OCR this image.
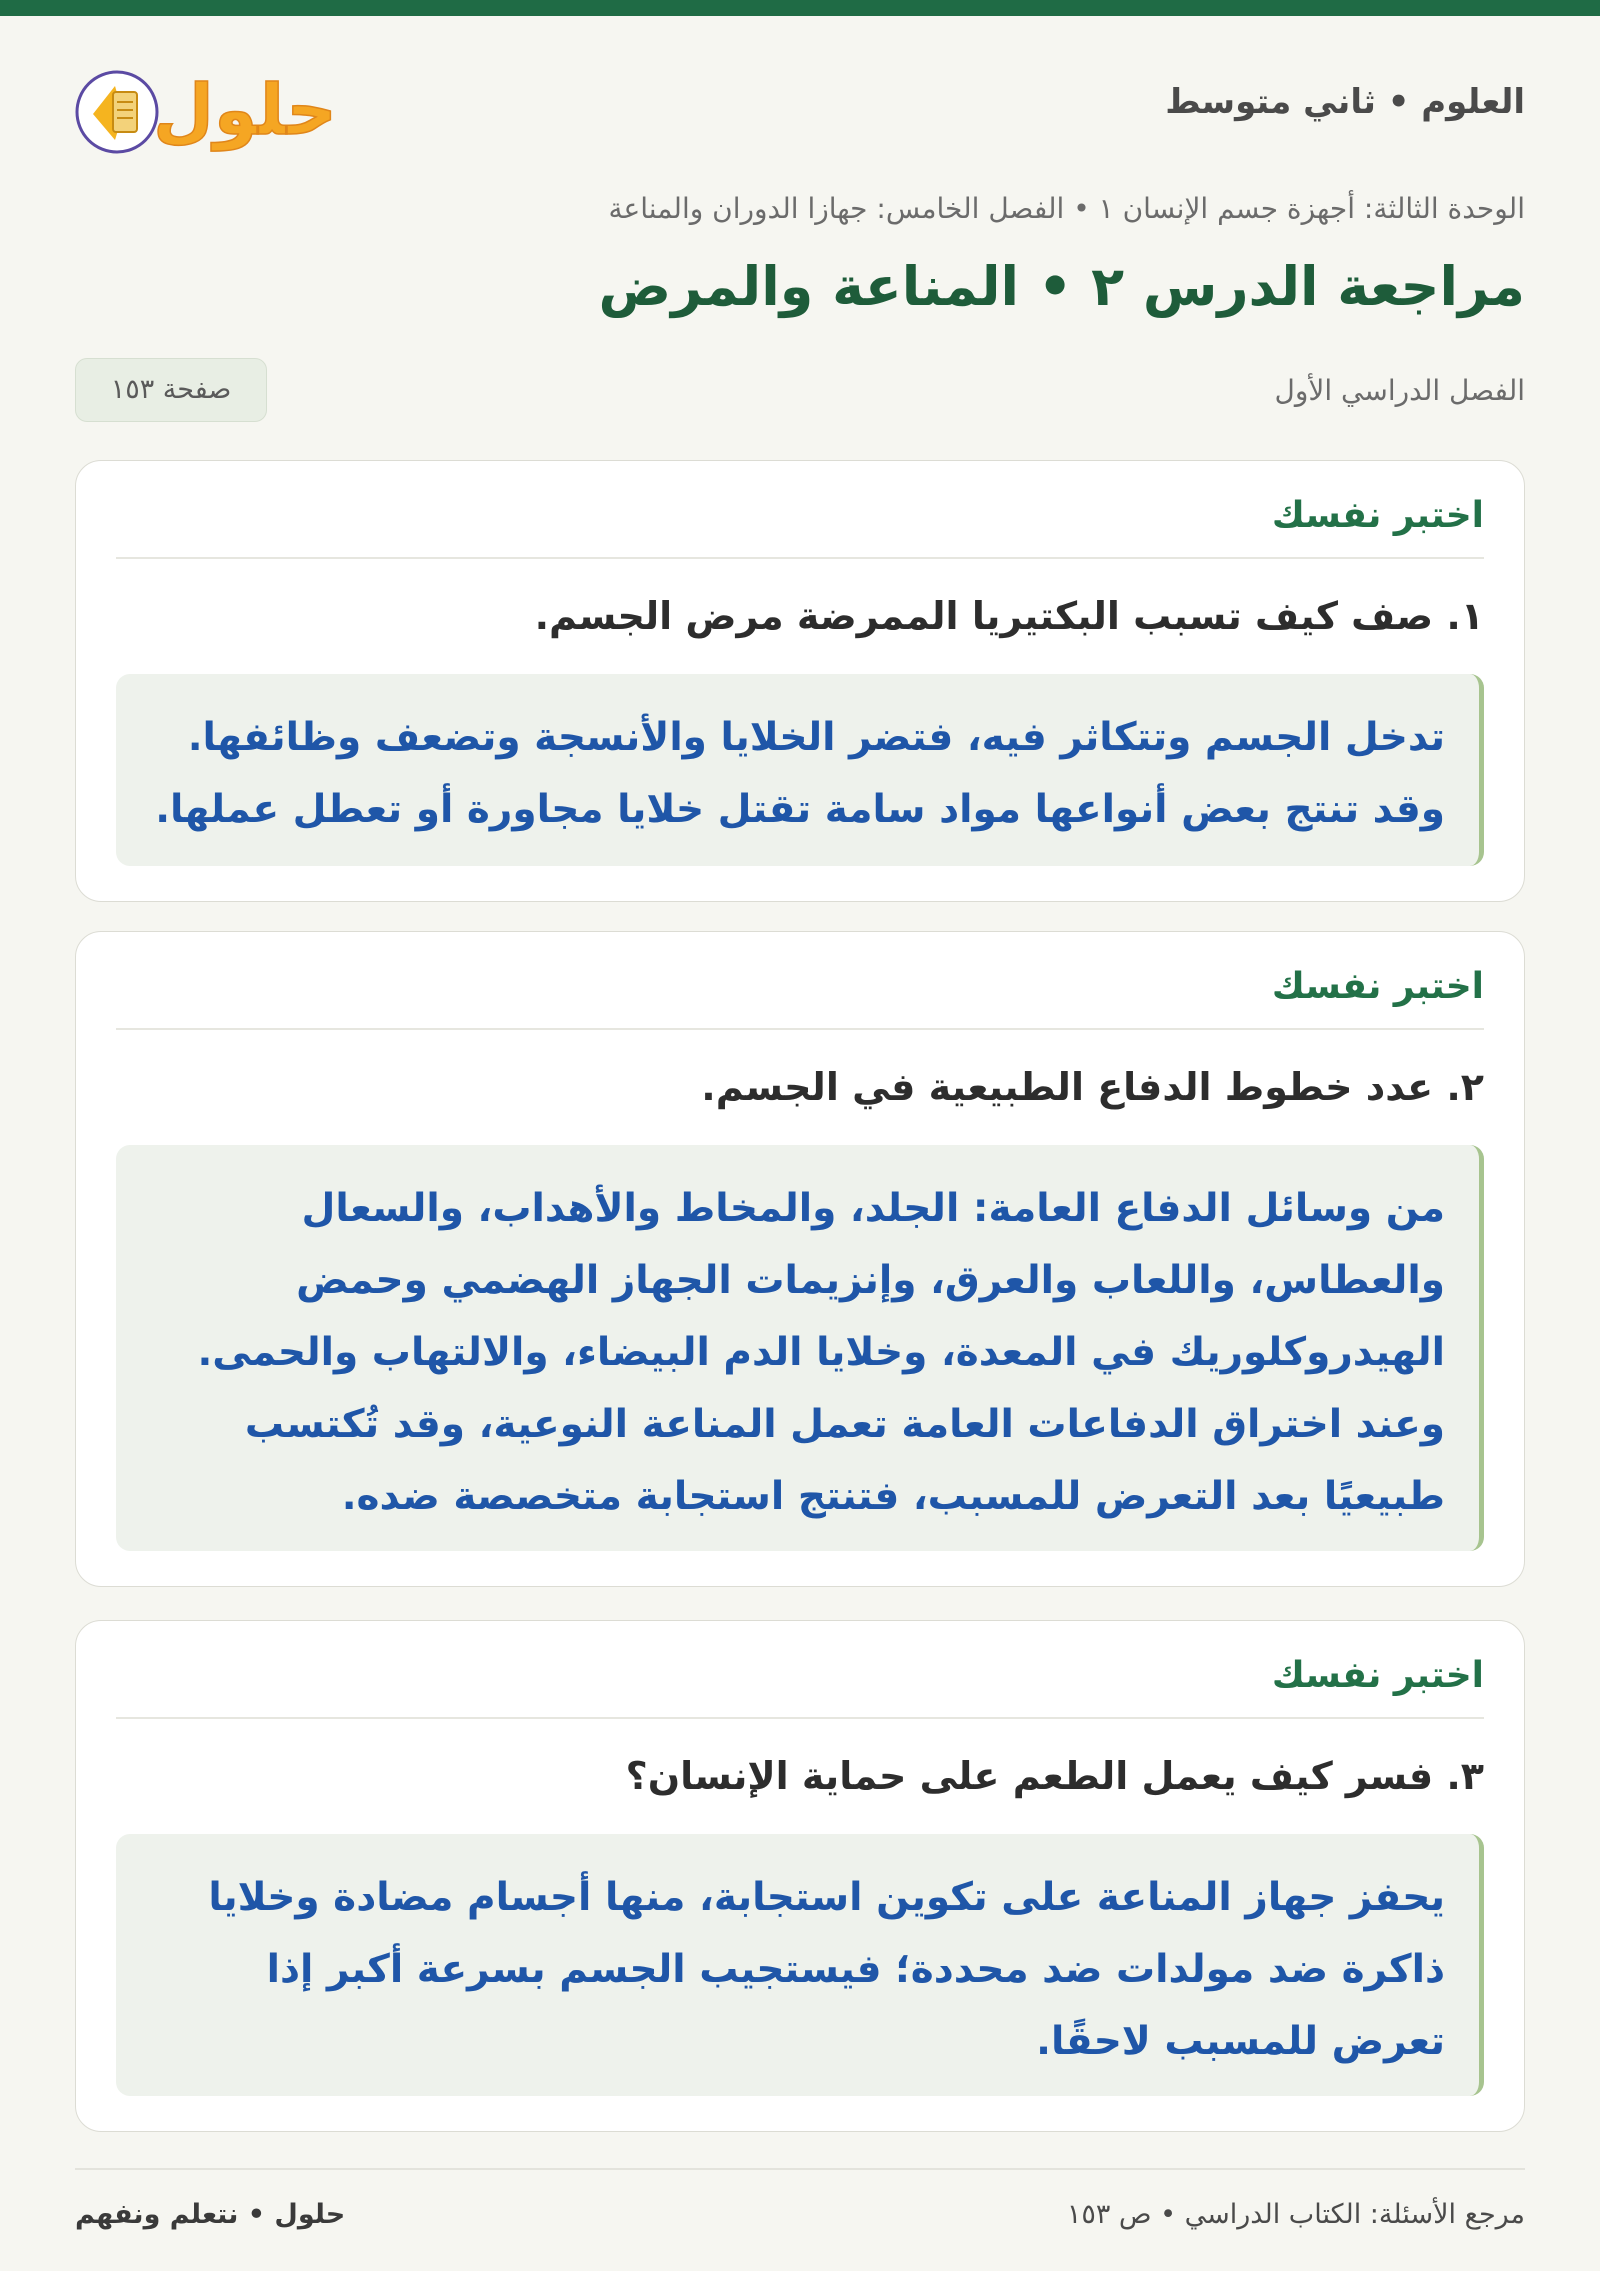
العلوم • ثاني متوسط
حلول
الوحدة الثالثة: أجهزة جسم الإنسان ١ • الفصل الخامس: جهازا الدوران والمناعة
مراجعة الدرس ٢ • المناعة والمرض
الفصل الدراسي الأول
صفحة ١٥٣
اختبر نفسك
١. صف كيف تسبب البكتيريا الممرضة مرض الجسم.
تدخل الجسم وتتكاثر فيه، فتضر الخلايا والأنسجة وتضعف وظائفها.
وقد تنتج بعض أنواعها مواد سامة تقتل خلايا مجاورة أو تعطل عملها.
اختبر نفسك
٢. عدد خطوط الدفاع الطبيعية في الجسم.
من وسائل الدفاع العامة: الجلد، والمخاط والأهداب، والسعال
والعطاس، واللعاب والعرق، وإنزيمات الجهاز الهضمي وحمض
الهيدروكلوريك في المعدة، وخلايا الدم البيضاء، والالتهاب والحمى.
وعند اختراق الدفاعات العامة تعمل المناعة النوعية، وقد تُكتسب
طبيعيًا بعد التعرض للمسبب، فتنتج استجابة متخصصة ضده.
اختبر نفسك
٣. فسر كيف يعمل الطعم على حماية الإنسان؟
يحفز جهاز المناعة على تكوين استجابة، منها أجسام مضادة وخلايا
ذاكرة ضد مولدات ضد محددة؛ فيستجيب الجسم بسرعة أكبر إذا
تعرض للمسبب لاحقًا.
مرجع الأسئلة: الكتاب الدراسي • ص ١٥٣
حلول • نتعلم ونفهم
